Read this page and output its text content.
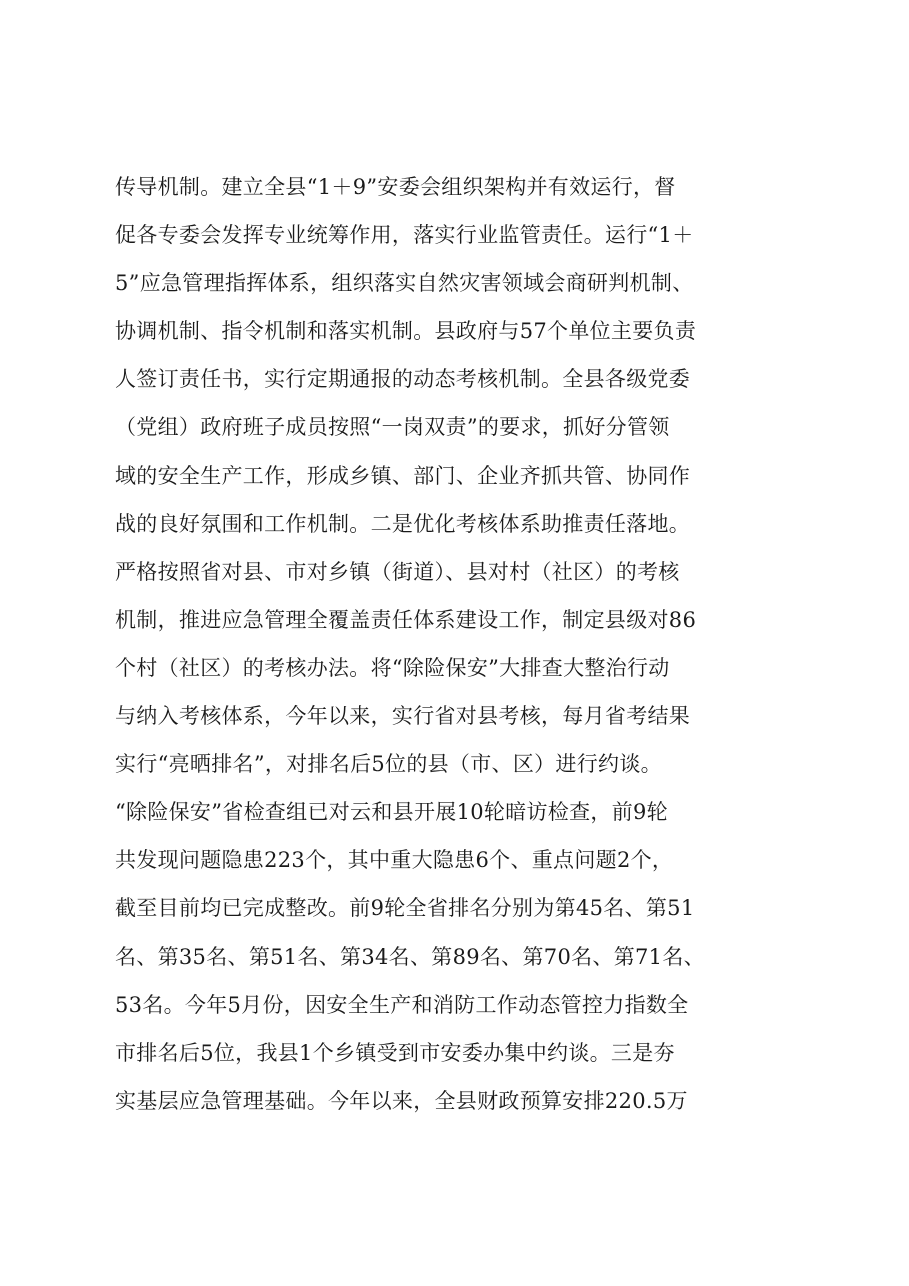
传导机制。建立全县“1＋9”安委会组织架构并有效运行，督
促各专委会发挥专业统筹作用，落实行业监管责任。运行“1＋
5”应急管理指挥体系，组织落实自然灾害领域会商研判机制、
协调机制、指令机制和落实机制。县政府与57个单位主要负责
人签订责任书，实行定期通报的动态考核机制。全县各级党委
（党组）政府班子成员按照“一岗双责”的要求，抓好分管领
域的安全生产工作，形成乡镇、部门、企业齐抓共管、协同作
战的良好氛围和工作机制。二是优化考核体系助推责任落地。
严格按照省对县、市对乡镇（街道）、县对村（社区）的考核
机制，推进应急管理全覆盖责任体系建设工作，制定县级对86
个村（社区）的考核办法。将“除险保安”大排查大整治行动
与纳入考核体系，今年以来，实行省对县考核，每月省考结果
实行“亮晒排名”，对排名后5位的县（市、区）进行约谈。
“除险保安”省检查组已对云和县开展10轮暗访检查，前9轮
共发现问题隐患223个，其中重大隐患6个、重点问题2个，
截至目前均已完成整改。前9轮全省排名分别为第45名、第51
名、第35名、第51名、第34名、第89名、第70名、第71名、
53名。今年5月份，因安全生产和消防工作动态管控力指数全
市排名后5位，我县1个乡镇受到市安委办集中约谈。三是夯
实基层应急管理基础。今年以来，全县财政预算安排220.5万
